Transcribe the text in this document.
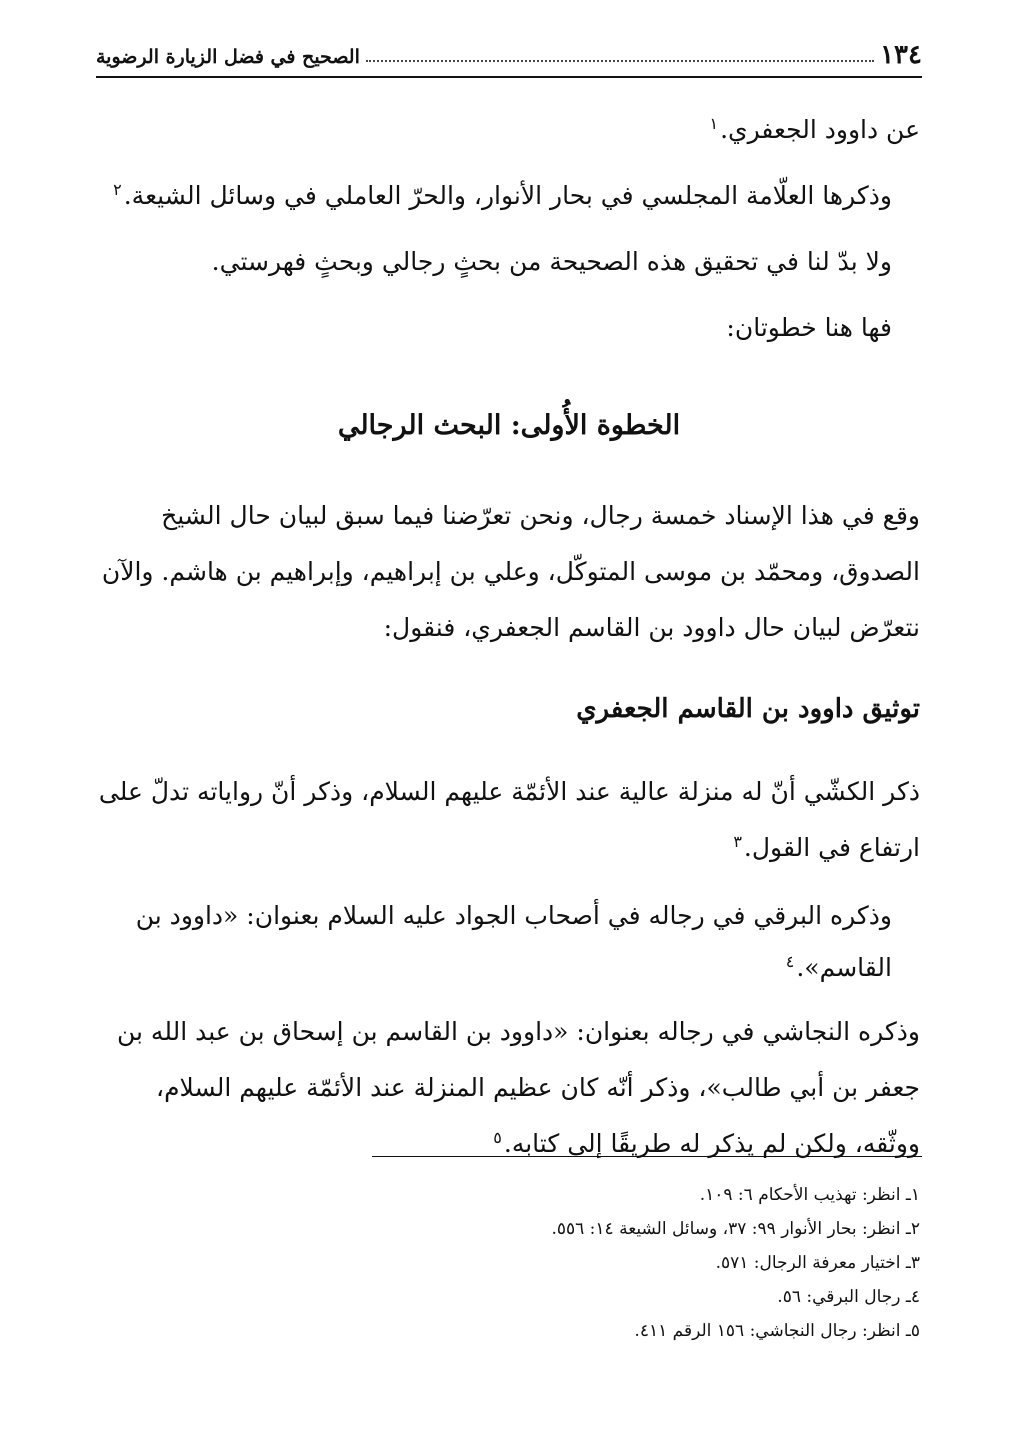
١٣٤
الصحيح في فضل الزيارة الرضوية

عن داوود الجعفري.$^١$

وذكرها العلّامة المجلسي في بحار الأنوار، والحرّ العاملي في وسائل الشيعة.$^٢$

ولا بدّ لنا في تحقيق هذه الصحيحة من بحثٍ رجالي وبحثٍ فهرستي.

فها هنا خطوتان:

الخطوة الأُولى: البحث الرجالي

وقع في هذا الإسناد خمسة رجال، ونحن تعرّضنا فيما سبق لبيان حال الشيخ الصدوق، ومحمّد بن موسى المتوكّل، وعلي بن إبراهيم، وإبراهيم بن هاشم. والآن نتعرّض لبيان حال داوود بن القاسم الجعفري، فنقول:

توثيق داوود بن القاسم الجعفري

ذكر الكشّي أنّ له منزلة عالية عند الأئمّة عليهم السلام، وذكر أنّ رواياته تدلّ على ارتفاع في القول.$^٣$

وذكره البرقي في رجاله في أصحاب الجواد عليه السلام بعنوان: «داوود بن القاسم».$^٤$

وذكره النجاشي في رجاله بعنوان: «داوود بن القاسم بن إسحاق بن عبد الله بن جعفر بن أبي طالب»، وذكر أنّه كان عظيم المنزلة عند الأئمّة عليهم السلام، ووثّقه، ولكن لم يذكر له طريقًا إلى كتابه.$^٥$

١ـ انظر: تهذيب الأحكام ٦: ١٠٩.
٢ـ انظر: بحار الأنوار ٩٩: ٣٧، وسائل الشيعة ١٤: ٥٥٦.
٣ـ اختيار معرفة الرجال: ٥٧١.
٤ـ رجال البرقي: ٥٦.
٥ـ انظر: رجال النجاشي: ١٥٦ الرقم ٤١١.
